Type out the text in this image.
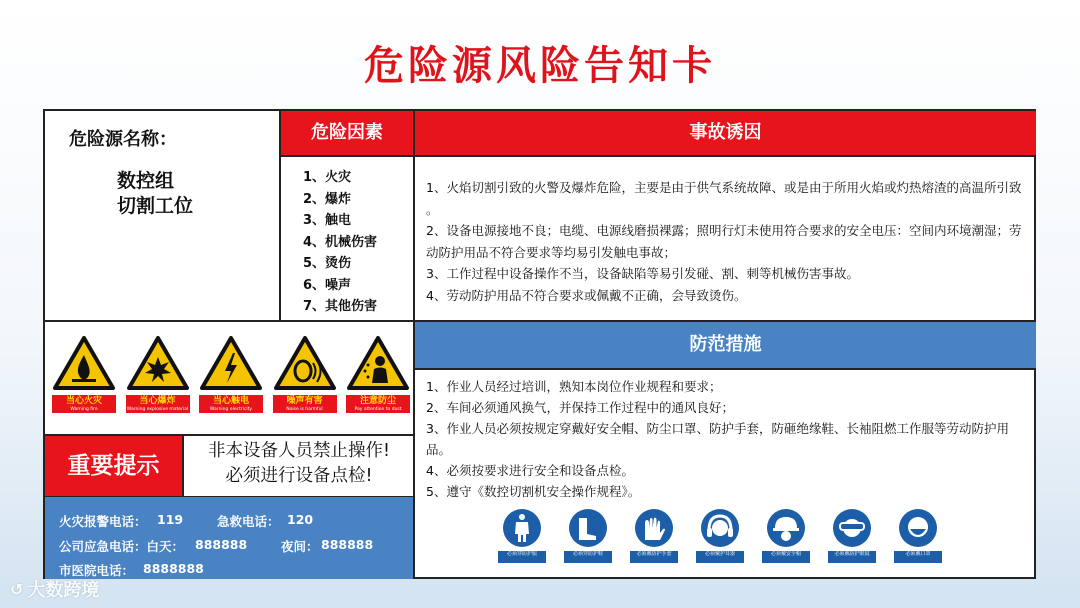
危险源风险告知卡
危险源名称：
数控组
切割工位
危险因素
1、火灾
2、爆炸
3、触电
4、机械伤害
5、烫伤
6、噪声
7、其他伤害
事故诱因
1、火焰切割引致的火警及爆炸危险，主要是由于供气系统故障、或是由于所用火焰或灼热熔渣的高温所引致 。
2、设备电源接地不良；电缆、电源线磨损裸露；照明行灯未使用符合要求的安全电压：空间内环境潮湿；劳动防护用品不符合要求等均易引发触电事故；
3、工作过程中设备操作不当，设备缺陷等易引发碰、割、刺等机械伤害事故。
4、劳动防护用品不符合要求或佩戴不正确，会导致烫伤。
当心火灾
Warning fire
当心爆炸
Warning explosive material
当心触电
Warning electricity
噪声有害
Noise is harmful
注意防尘
Pay attention to dust
重要提示
非本设备人员禁止操作!
必须进行设备点检!
火灾报警电话： 119	急救电话： 120
公司应急电话：白天： 888888	夜间： 888888
市医院电话： 8888888
防范措施
1、作业人员经过培训，熟知本岗位作业规程和要求；
2、车间必须通风换气，并保持工作过程中的通风良好；
3、作业人员必须按规定穿戴好安全帽、防尘口罩、防护手套，防砸绝缘鞋、长袖阻燃工作服等劳动防护用品。
4、必须按要求进行安全和设备点检。
5、遵守《数控切割机安全操作规程》。
必须穿防护服	必须穿防护鞋	必须戴防护手套	必须戴护耳器	必须戴安全帽	必须戴防护眼镜	必须戴口罩
↺ 大数跨境
